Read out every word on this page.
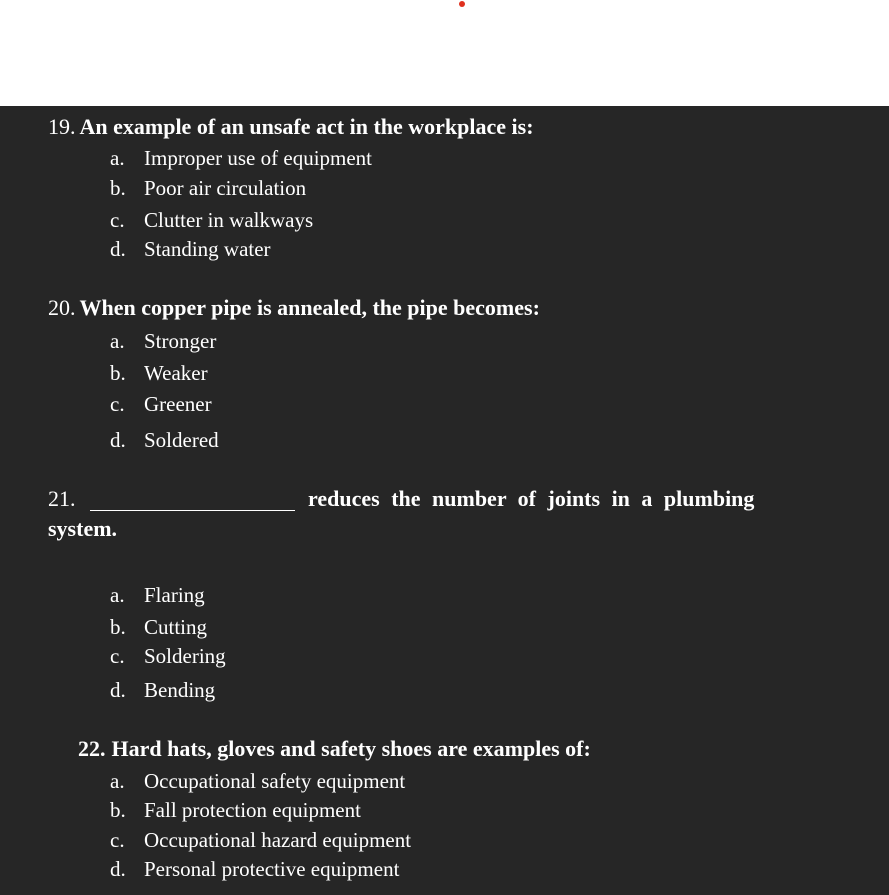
19. An example of an unsafe act in the workplace is:
a. Improper use of equipment
b. Poor air circulation
c. Clutter in walkways
d. Standing water
20. When copper pipe is annealed, the pipe becomes:
a. Stronger
b. Weaker
c. Greener
d. Soldered
21.	reduces the number of joints in a plumbing
system.
a. Flaring
b. Cutting
c. Soldering
d. Bending
22. Hard hats, gloves and safety shoes are examples of:
a. Occupational safety equipment
b. Fall protection equipment
c. Occupational hazard equipment
d. Personal protective equipment
